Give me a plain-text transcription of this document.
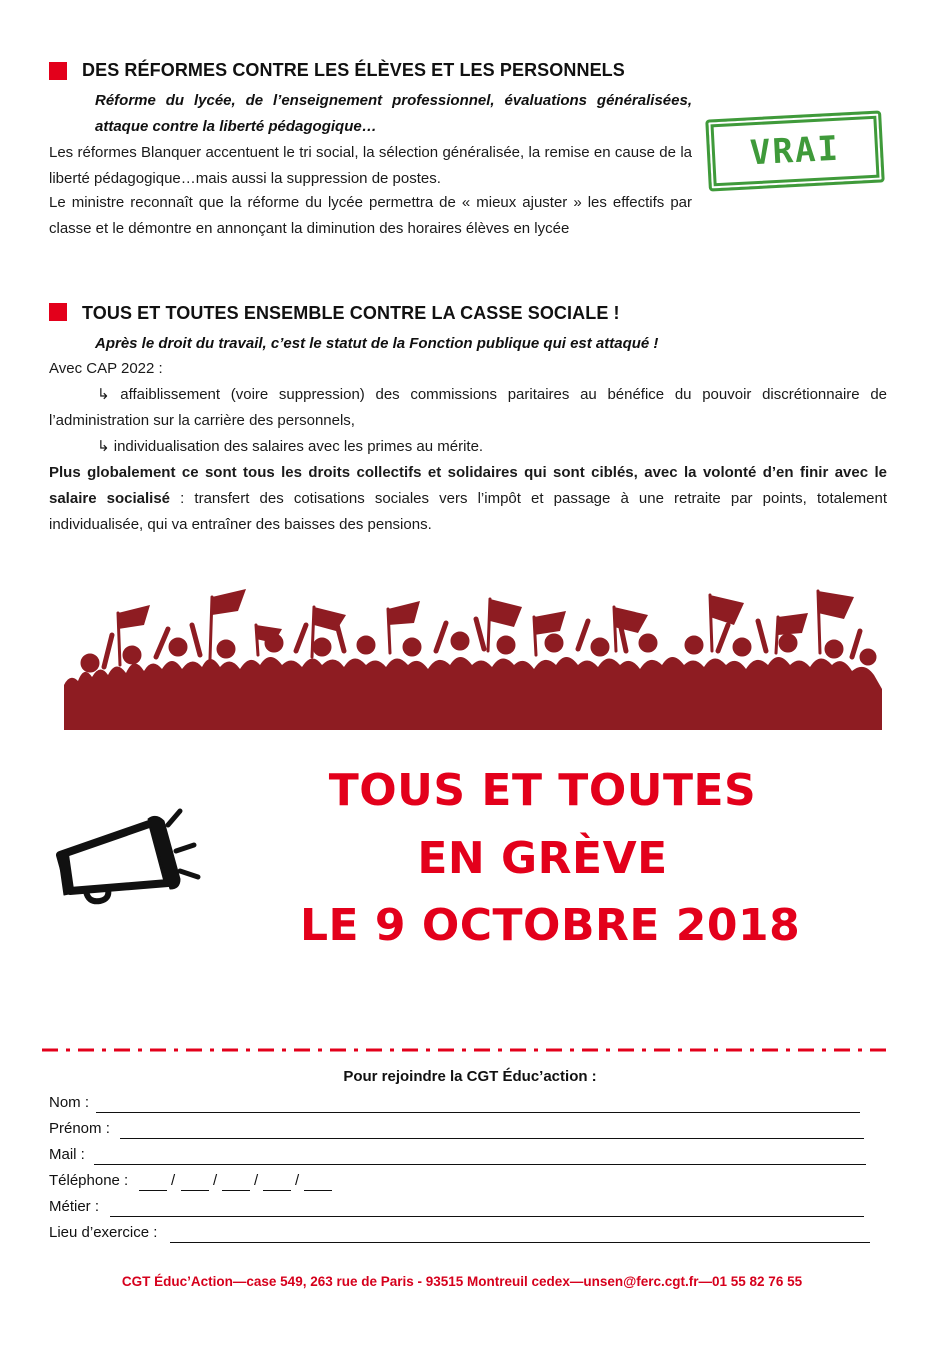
DES RÉFORMES CONTRE LES ÉLÈVES ET LES PERSONNELS
Réforme du lycée, de l’enseignement professionnel, évaluations généralisées,
attaque contre la liberté pédagogique…
Les réformes Blanquer accentuent le tri social, la sélection généralisée, la remise en cause de la liberté pédagogique…mais aussi la suppression de postes.
Le ministre reconnaît que la réforme du lycée permettra de « mieux ajuster » les effectifs par classe et le démontre en annonçant la diminution des horaires élèves en lycée
VRAI
TOUS ET TOUTES ENSEMBLE CONTRE LA CASSE SOCIALE !
Après le droit du travail, c’est le statut de la Fonction publique qui est attaqué !
Avec CAP 2022 :
↳ affaiblissement (voire suppression) des commissions paritaires au bénéfice du pouvoir discrétionnaire de l’administration sur la carrière des personnels,
↳ individualisation des salaires avec les primes au mérite.
Plus globalement ce sont tous les droits collectifs et solidaires qui sont ciblés, avec la volonté d’en finir avec le salaire socialisé : transfert des cotisations sociales vers l’impôt et passage à une retraite par points, totalement individualisée, qui va entraîner des baisses des pensions.
TOUS ET TOUTES
EN GRÈVE
LE 9 OCTOBRE 2018
Pour rejoindre la CGT Éduc’action :
Nom :
Prénom :
Mail :
Téléphone :	/	/ / /
Métier :
Lieu d’exercice :
CGT Éduc’Action—case 549, 263 rue de Paris - 93515 Montreuil cedex—unsen@ferc.cgt.fr—01 55 82 76 55
